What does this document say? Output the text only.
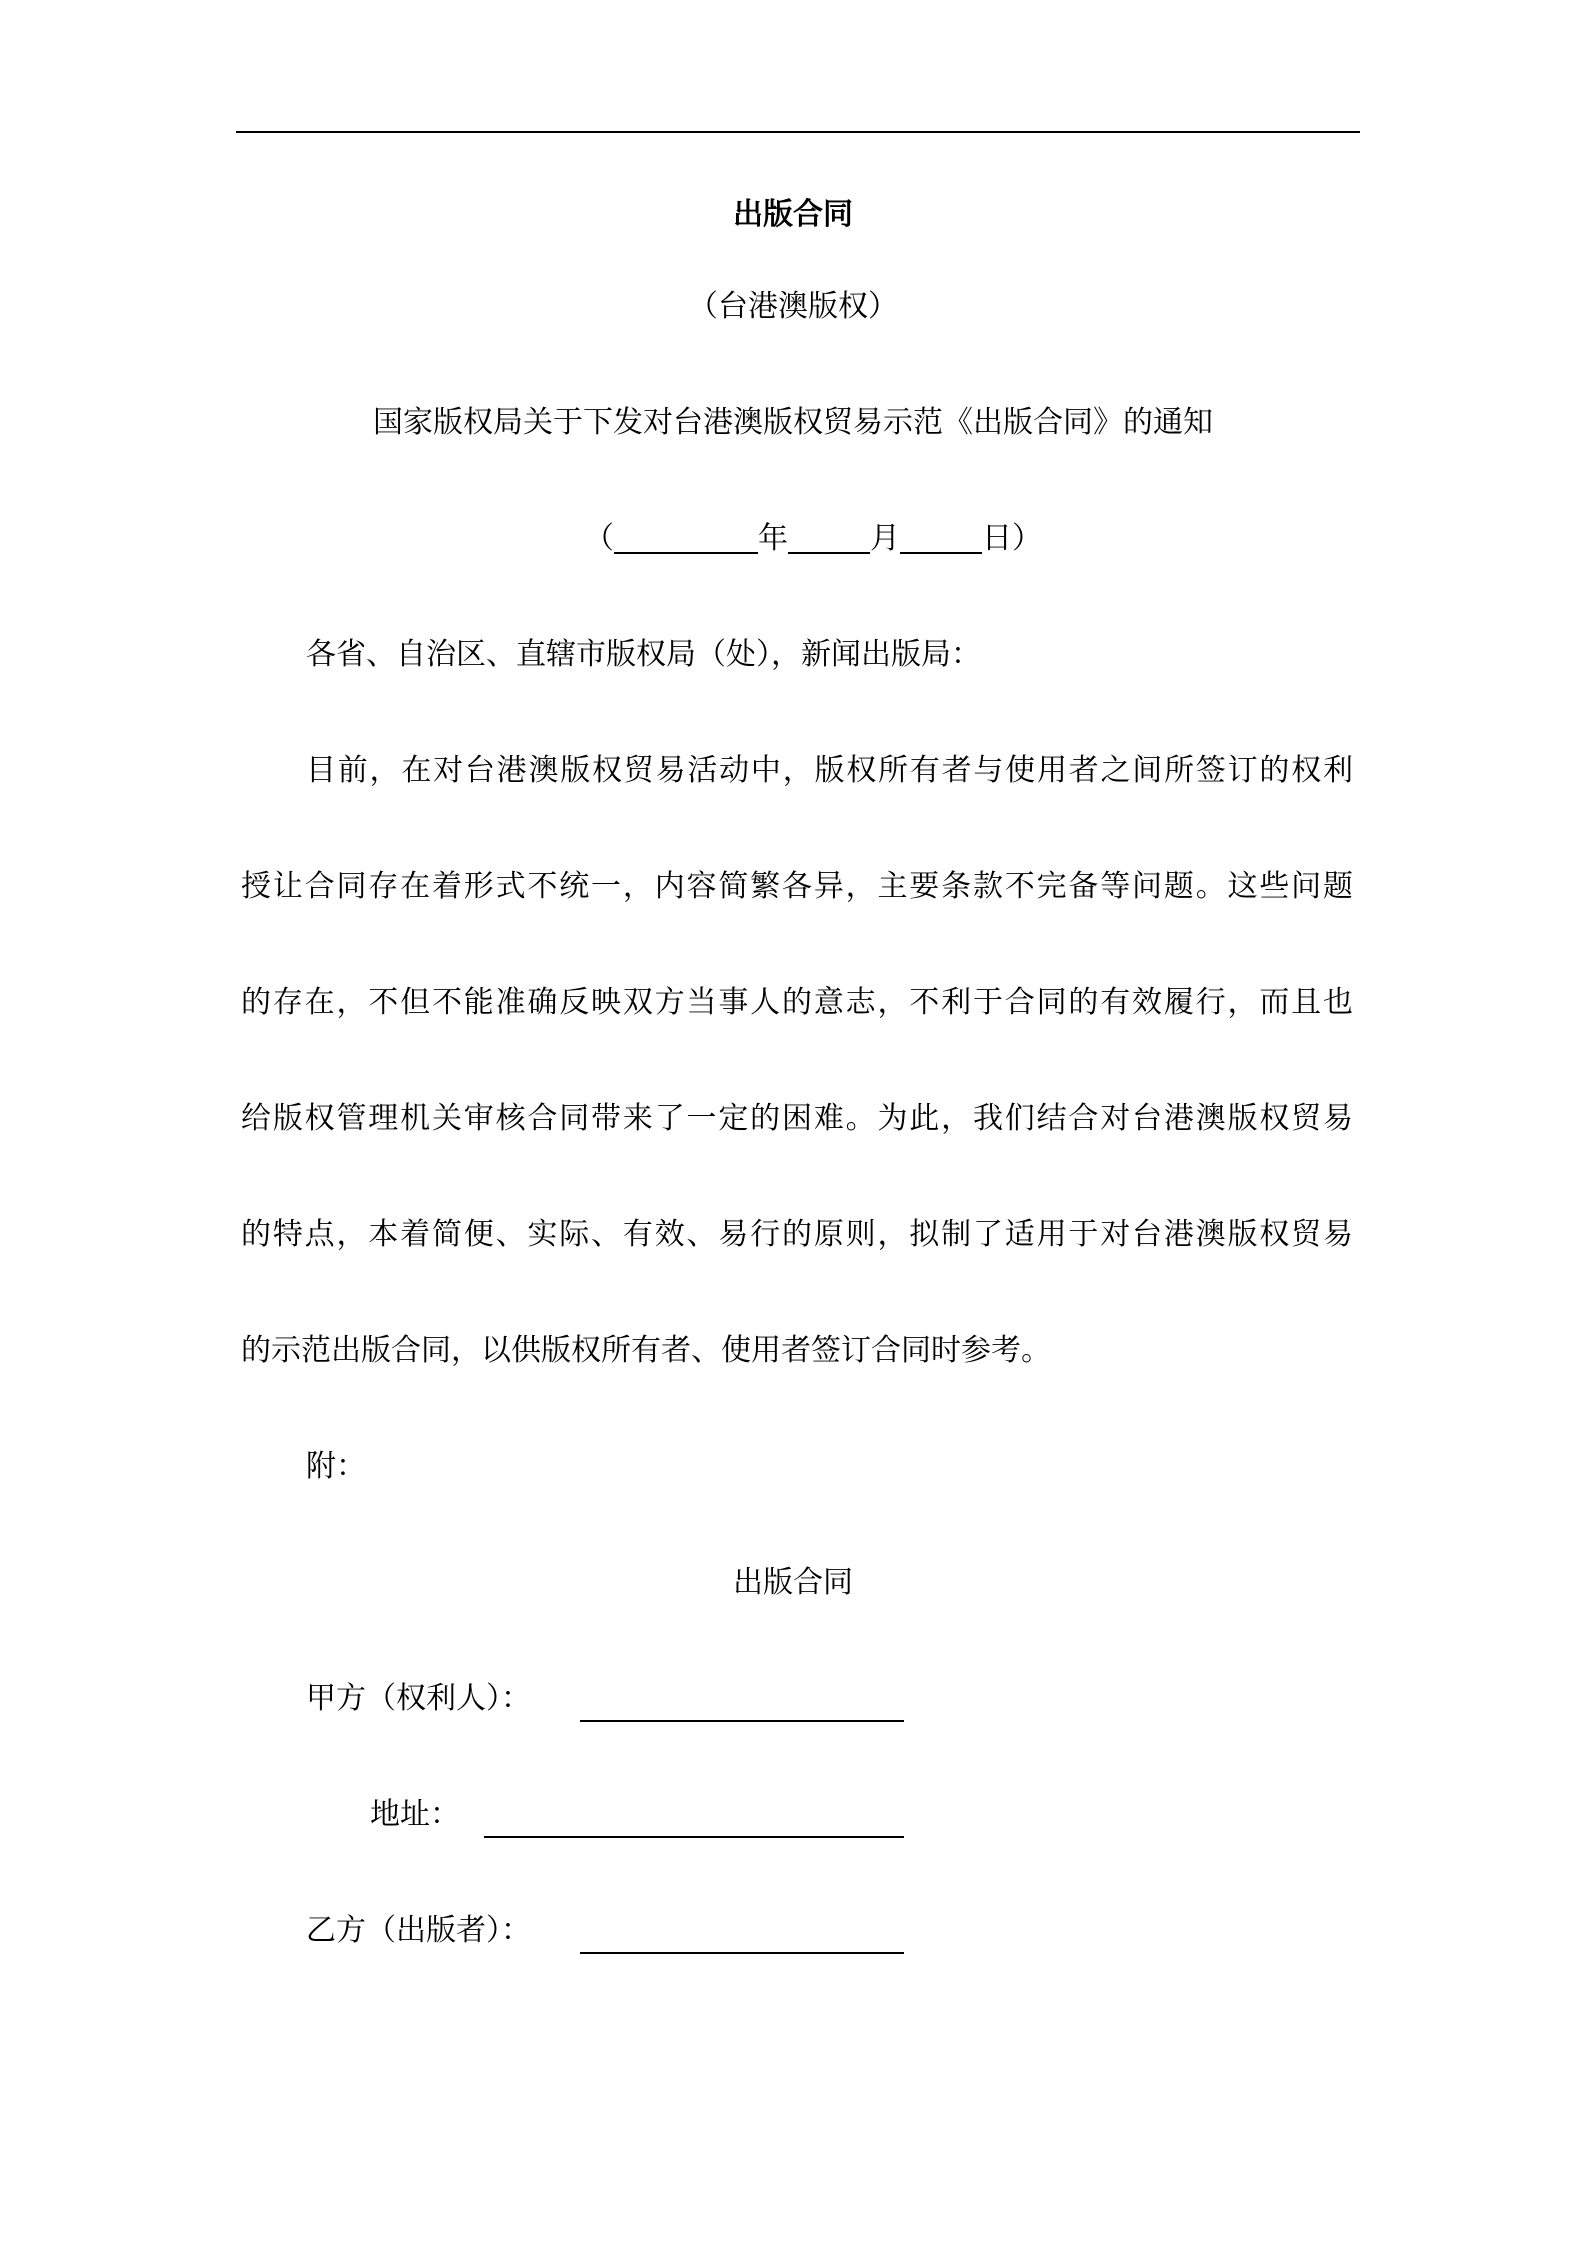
出版合同
（台港澳版权）
国家版权局关于下发对台港澳版权贸易示范《出版合同》的通知
（	年	月	日）
各省、自治区、直辖市版权局（处），新闻出版局：
目前，在对台港澳版权贸易活动中，版权所有者与使用者之间所签订的权利
授让合同存在着形式不统一，内容简繁各异，主要条款不完备等问题。这些问题
的存在，不但不能准确反映双方当事人的意志，不利于合同的有效履行，而且也
给版权管理机关审核合同带来了一定的困难。为此，我们结合对台港澳版权贸易
的特点，本着简便、实际、有效、易行的原则，拟制了适用于对台港澳版权贸易
的示范出版合同，以供版权所有者、使用者签订合同时参考。
附：
出版合同
甲方（权利人）：
地址：
乙方（出版者）：
